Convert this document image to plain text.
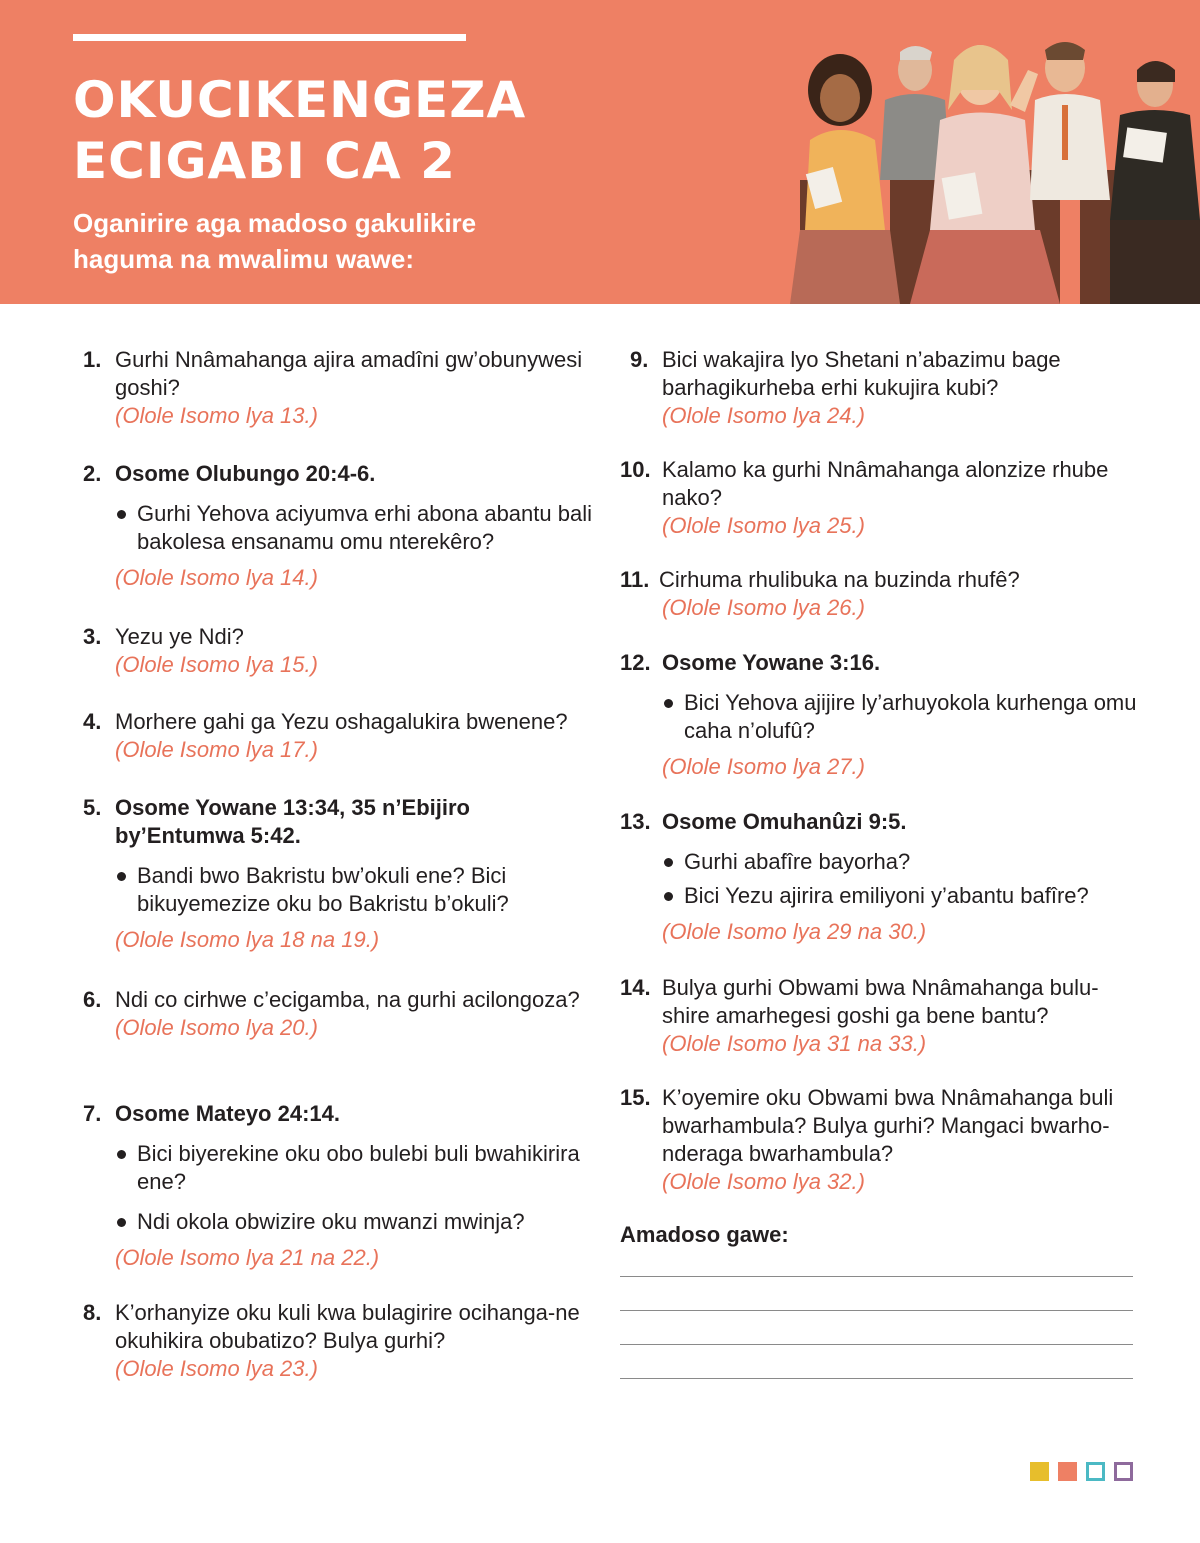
OKUCIKENGEZA
ECIGABI CA 2
Oganirire aga madoso gakulikire haguma na mwalimu wawe:
1. Gurhi Nnâmahanga ajira amadîni gw’obunywesi goshi?
(Olole Isomo lya 13.)
2. Osome Olubungo 20:4-6.
Gurhi Yehova aciyumva erhi abona abantu bali bakolesa ensanamu omu nterekêro?
(Olole Isomo lya 14.)
3. Yezu ye Ndi?
(Olole Isomo lya 15.)
4. Morhere gahi ga Yezu oshagalukira bwenene?
(Olole Isomo lya 17.)
5. Osome Yowane 13:34, 35 n’Ebijiro by’Entumwa 5:42.
Bandi bwo Bakristu bw’okuli ene? Bici bikuyemezize oku bo Bakristu b’okuli?
(Olole Isomo lya 18 na 19.)
6. Ndi co cirhwe c’ecigamba, na gurhi acilongoza?
(Olole Isomo lya 20.)
7. Osome Mateyo 24:14.
Bici biyerekine oku obo bulebi buli bwahikirira ene?
Ndi okola obwizire oku mwanzi mwinja?
(Olole Isomo lya 21 na 22.)
8. K’orhanyize oku kuli kwa bulagirire ocihanga-ne okuhikira obubatizo? Bulya gurhi?
(Olole Isomo lya 23.)
9. Bici wakajira lyo Shetani n’abazimu bage barhagikurheba erhi kukujira kubi?
(Olole Isomo lya 24.)
10. Kalamo ka gurhi Nnâmahanga alonzize rhube nako?
(Olole Isomo lya 25.)
11. Cirhuma rhulibuka na buzinda rhufê?
(Olole Isomo lya 26.)
12. Osome Yowane 3:16.
Bici Yehova ajijire ly’arhuyokola kurhenga omu caha n’olufû?
(Olole Isomo lya 27.)
13. Osome Omuhanûzi 9:5.
Gurhi abafîre bayorha?
Bici Yezu ajirira emiliyoni y’abantu bafîre?
(Olole Isomo lya 29 na 30.)
14. Bulya gurhi Obwami bwa Nnâmahanga bulu-shire amarhegesi goshi ga bene bantu?
(Olole Isomo lya 31 na 33.)
15. K’oyemire oku Obwami bwa Nnâmahanga buli bwarhambula? Bulya gurhi? Mangaci bwarho-nderaga bwarhambula?
(Olole Isomo lya 32.)
Amadoso gawe:
